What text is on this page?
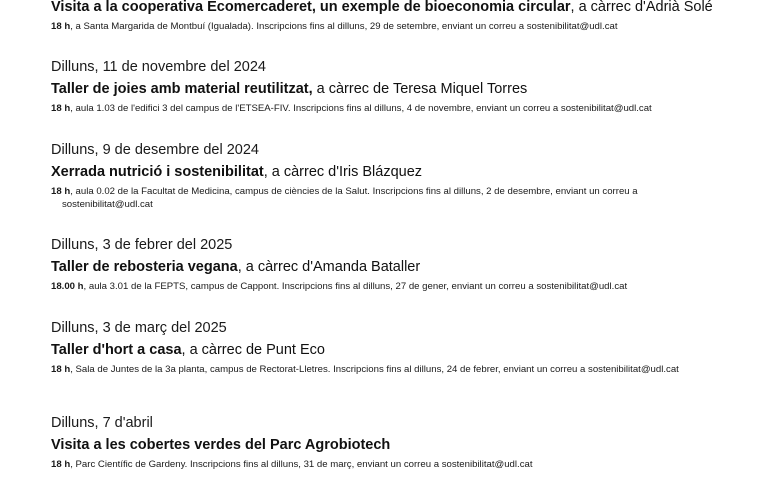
Visita a la cooperativa Ecomercaderet, un exemple de bioeconomia circular, a càrrec d'Adrià Solé

18 h, a Santa Margarida de Montbuí (Igualada). Inscripcions fins al dilluns, 29 de setembre, enviant un correu a sostenibilitat@udl.cat

Dilluns, 11 de novembre del 2024

Taller de joies amb material reutilitzat, a càrrec de Teresa Miquel Torres

18 h, aula 1.03 de l'edifici 3 del campus de l'ETSEA-FIV. Inscripcions fins al dilluns, 4 de novembre, enviant un correu a sostenibilitat@udl.cat

Dilluns, 9 de desembre del 2024

Xerrada nutrició i sostenibilitat, a càrrec d'Iris Blázquez

18 h, aula 0.02 de la Facultat de Medicina, campus de ciències de la Salut. Inscripcions fins al dilluns, 2 de desembre, enviant un correu a sostenibilitat@udl.cat

Dilluns, 3 de febrer del 2025

Taller de rebosteria vegana, a càrrec d'Amanda Bataller

18.00 h, aula 3.01 de la FEPTS, campus de Cappont. Inscripcions fins al dilluns, 27 de gener, enviant un correu a sostenibilitat@udl.cat

Dilluns, 3 de març del 2025

Taller d'hort a casa, a càrrec de Punt Eco

18 h, Sala de Juntes de la 3a planta, campus de Rectorat-Lletres. Inscripcions fins al dilluns, 24 de febrer, enviant un correu a sostenibilitat@udl.cat

Dilluns, 7 d'abril

Visita a les cobertes verdes del Parc Agrobiotech

18 h, Parc Científic de Gardeny. Inscripcions fins al dilluns, 31 de març, enviant un correu a sostenibilitat@udl.cat
